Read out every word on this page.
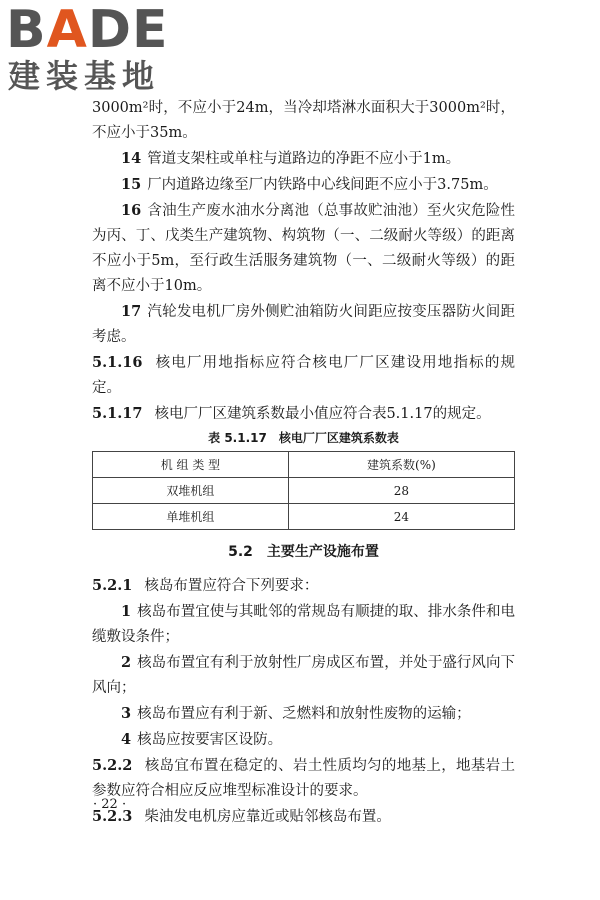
BADE
建装基地

3000m²时，不应小于24m，当冷却塔淋水面积大于3000m²时，不应小于35m。

14 管道支架柱或单柱与道路边的净距不应小于1m。

15 厂内道路边缘至厂内铁路中心线间距不应小于3.75m。

16 含油生产废水油水分离池（总事故贮油池）至火灾危险性为丙、丁、戊类生产建筑物、构筑物（一、二级耐火等级）的距离不应小于5m，至行政生活服务建筑物（一、二级耐火等级）的距离不应小于10m。

17 汽轮发电机厂房外侧贮油箱防火间距应按变压器防火间距考虑。

5.1.16 核电厂用地指标应符合核电厂厂区建设用地指标的规定。

5.1.17 核电厂厂区建筑系数最小值应符合表5.1.17的规定。

表 5.1.17　核电厂厂区建筑系数表
机 组 类 型	建筑系数(%)
双堆机组	28
单堆机组	24
5.2　主要生产设施布置

5.2.1 核岛布置应符合下列要求：

1 核岛布置宜使与其毗邻的常规岛有顺捷的取、排水条件和电缆敷设条件；

2 核岛布置宜有利于放射性厂房成区布置，并处于盛行风向下风向；

3 核岛布置应有利于新、乏燃料和放射性废物的运输；

4 核岛应按要害区设防。

5.2.2 核岛宜布置在稳定的、岩土性质均匀的地基上，地基岩土参数应符合相应反应堆型标准设计的要求。

5.2.3 柴油发电机房应靠近或贴邻核岛布置。

· 22 ·
